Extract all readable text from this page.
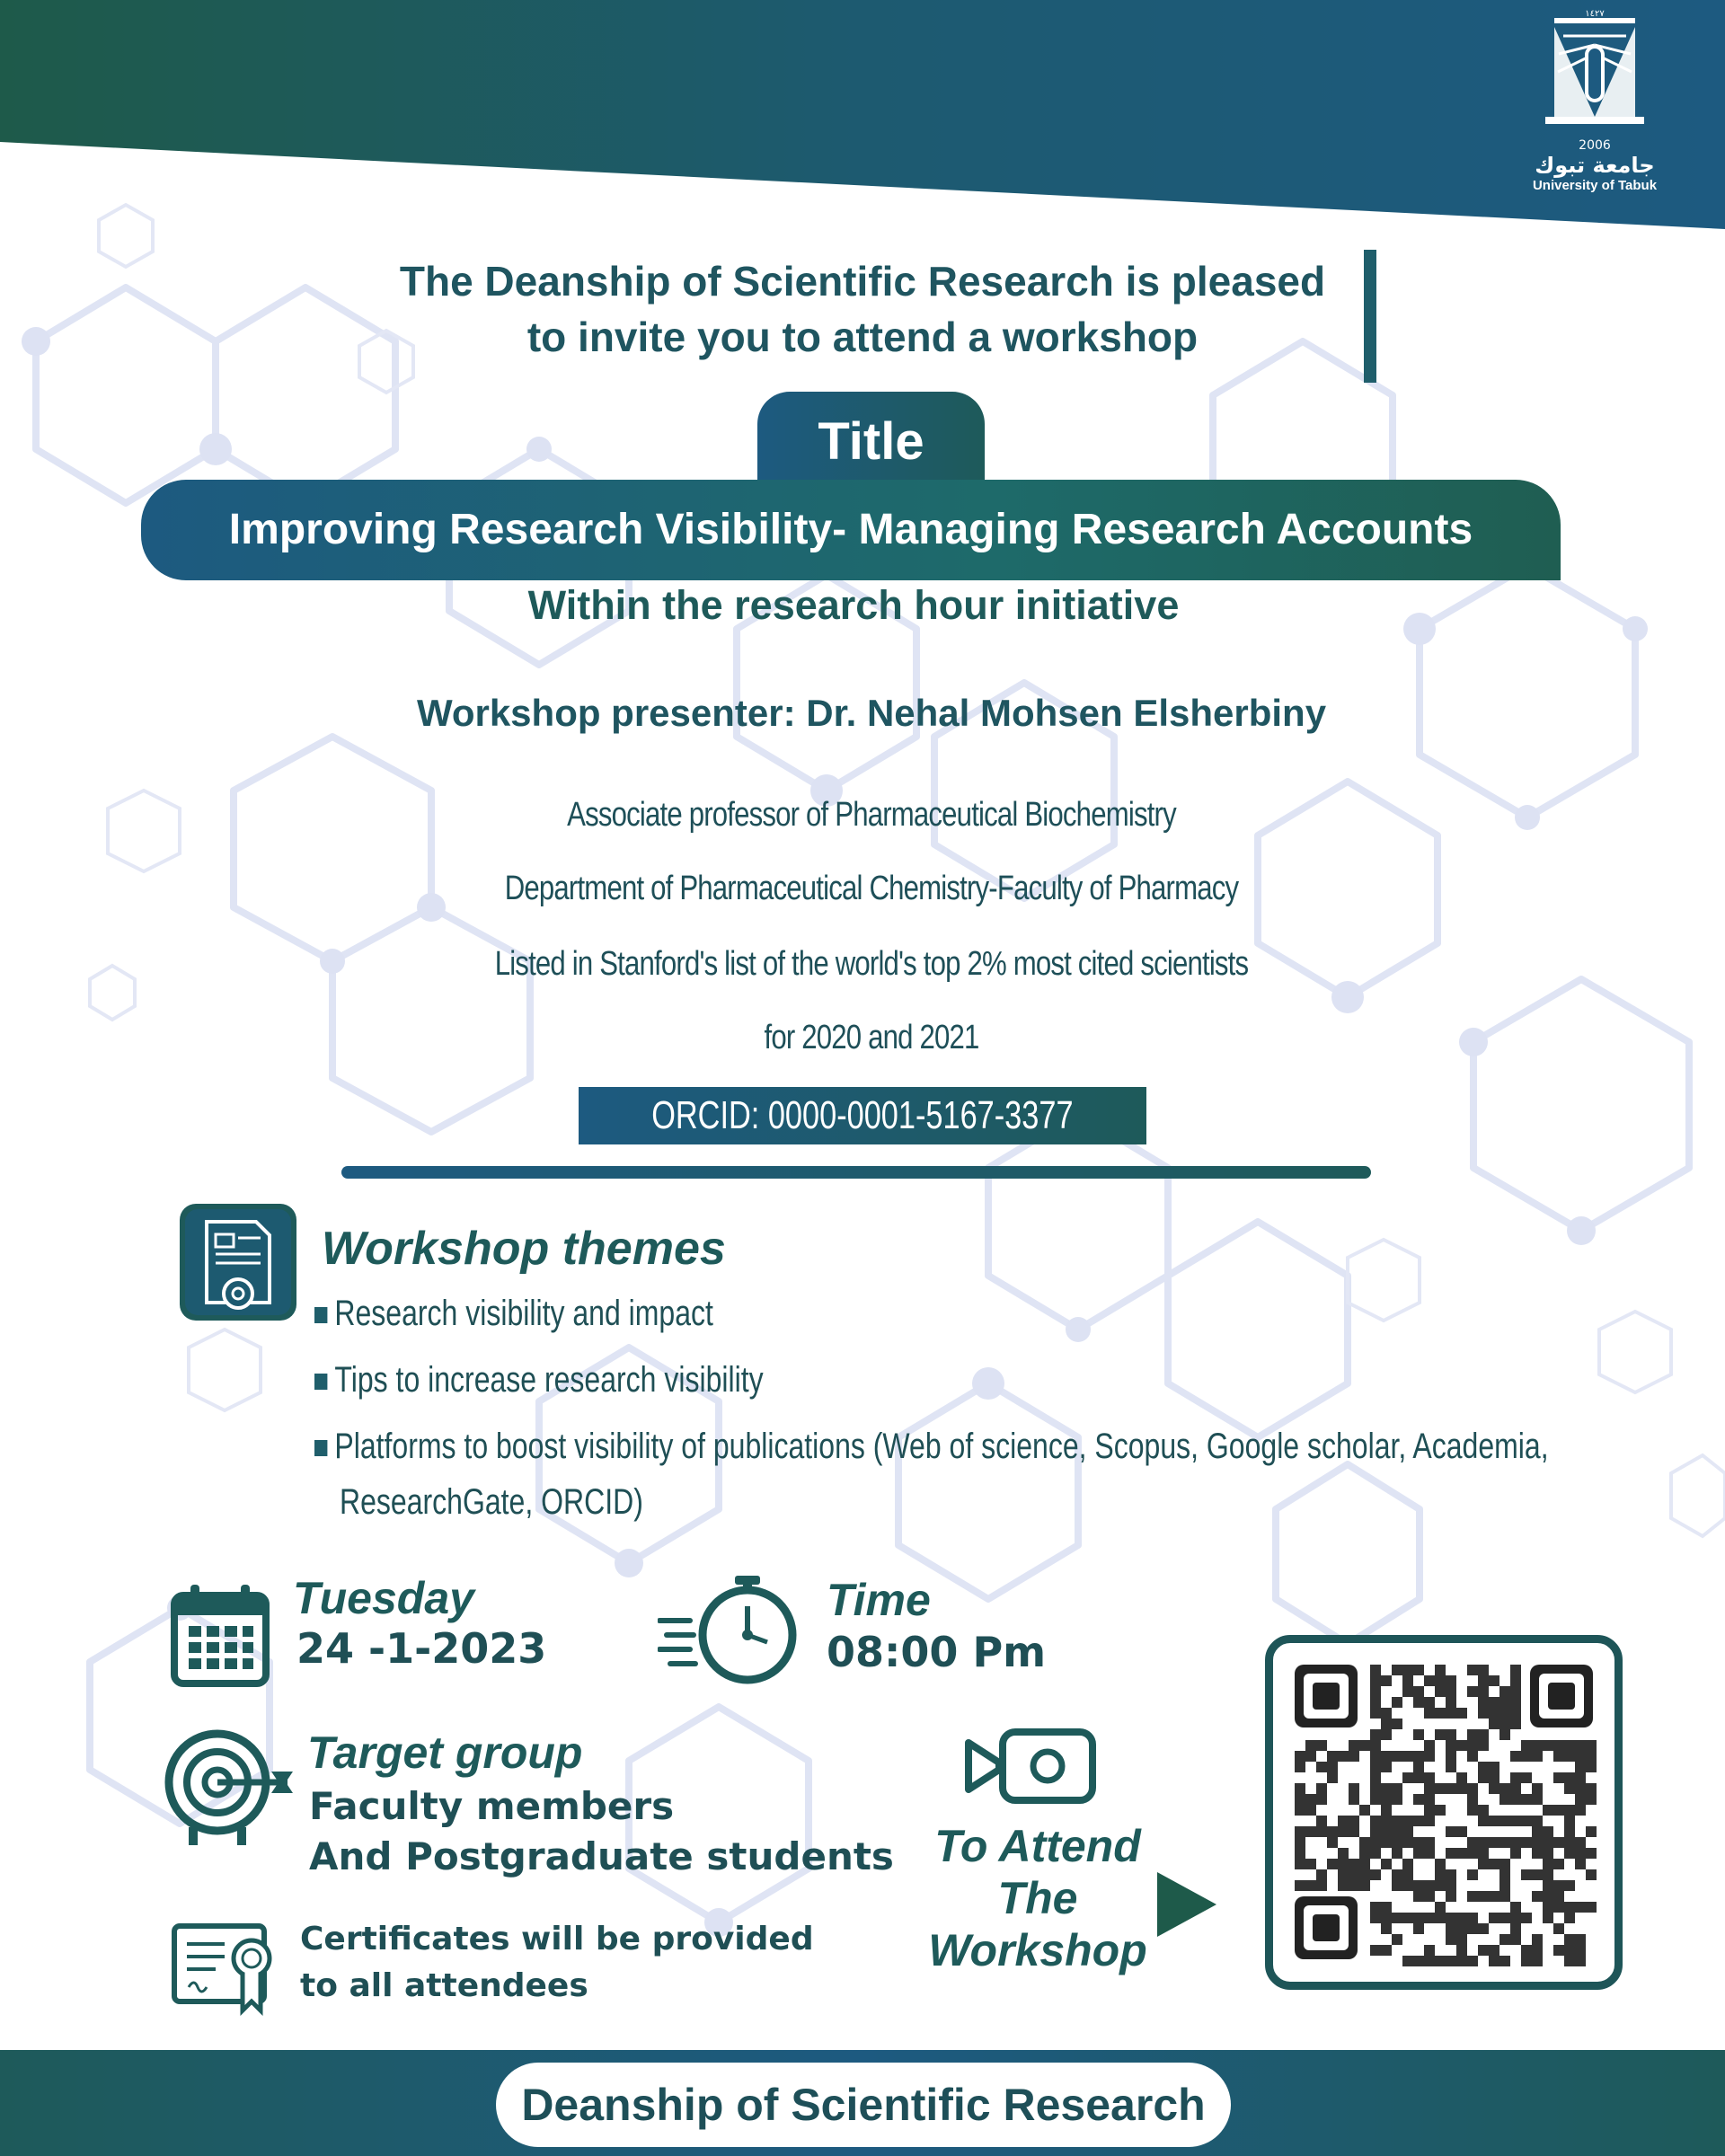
١٤٢٧
2006
جامعة تبوك
University of Tabuk
The Deanship of Scientific Research is pleased
to invite you to attend a workshop
Title
Improving Research Visibility- Managing Research Accounts
Within the research hour initiative
Workshop presenter: Dr. Nehal Mohsen Elsherbiny
Associate professor of Pharmaceutical Biochemistry
Department of Pharmaceutical Chemistry-Faculty of Pharmacy
Listed in Stanford's list of the world's top 2% most cited scientists
for 2020 and 2021
ORCID: 0000-0001-5167-3377
Workshop themes
Research visibility and impact
Tips to increase research visibility
Platforms to boost visibility of publications (Web of science, Scopus, Google scholar, Academia,
ResearchGate, ORCID)
Tuesday
24 -1-2023
Time
08:00 Pm
Target group
Faculty members
And Postgraduate students
Certificates will be provided
to all attendees
To Attend
The
Workshop
Deanship of Scientific Research
